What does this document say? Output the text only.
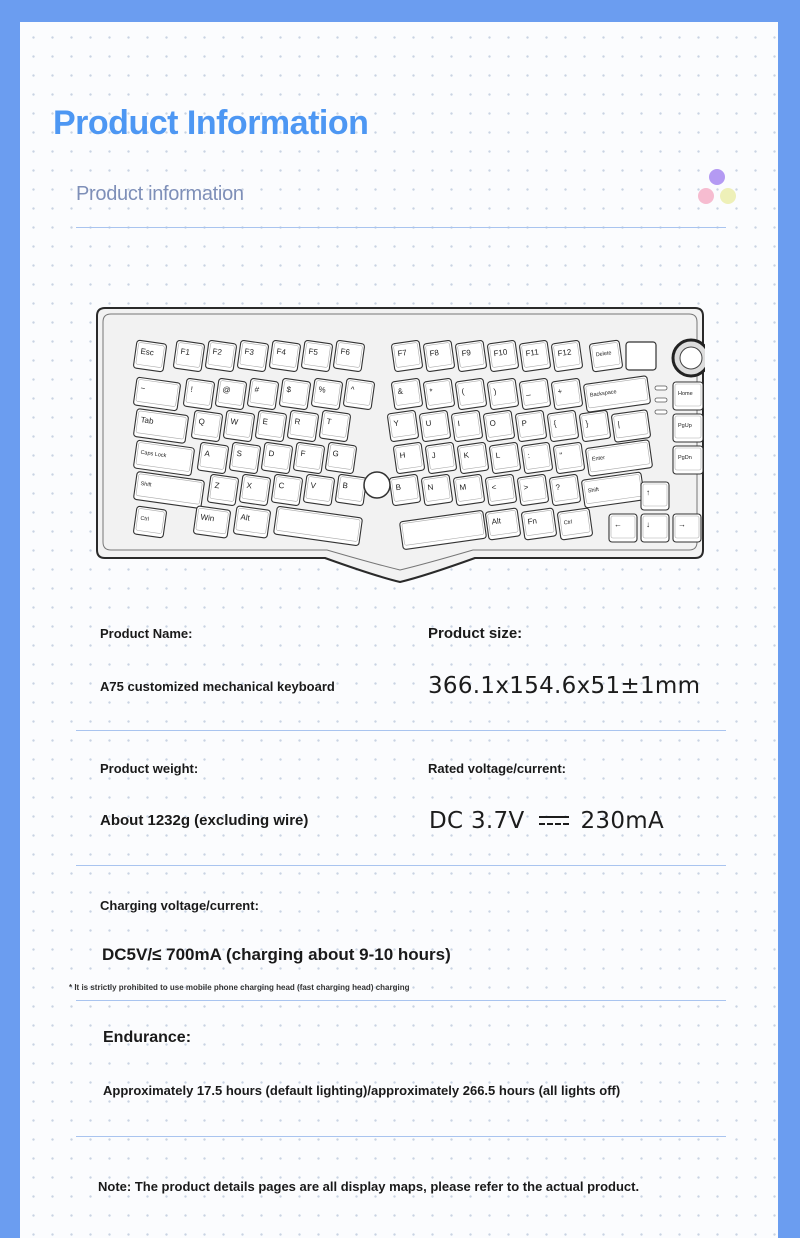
Product Information
Product information
Esc	F1	F2	F3	F4	F5	F6
~	!	@	#	$	%	^
Tab	Q	W	E	R	T
Caps Lock	A	S	D	F	G
Shift	Z	X	C	V	B
Ctrl	Win	Alt
F7	F8	F9	F10 F11 F12	Delete
&	*	(	)	_	+	Backspace
Y	U	I	O	P	{	}	|
H	J	K	L	:	"	Enter
B	N	M	<	>	?	Shift
Alt	Fn	Ctrl
Home
PgUp
PgDn
↑
←	↓	→
Product Name:	Product size:
A75 customized mechanical keyboard	366.1x154.6x51±1mm
Product weight:	Rated voltage/current:
About 1232g (excluding wire)	DC 3.7V 230mA
Charging voltage/current:
DC5V/≤ 700mA (charging about 9-10 hours)
* It is strictly prohibited to use mobile phone charging head (fast charging head) charging
Endurance:
Approximately 17.5 hours (default lighting)/approximately 266.5 hours (all lights off)
Note: The product details pages are all display maps, please refer to the actual product.
